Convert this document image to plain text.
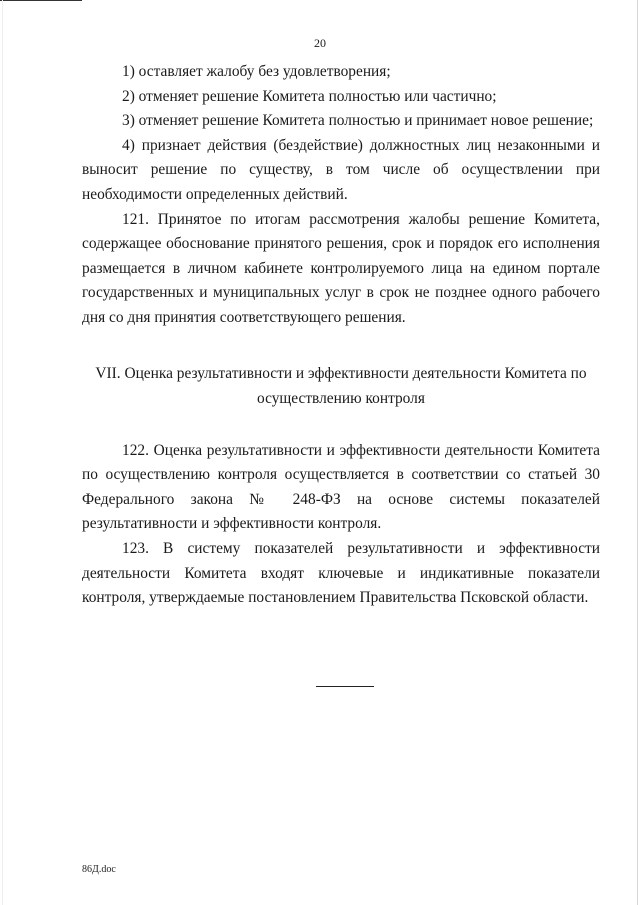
20

1) оставляет жалобу без удовлетворения;

2) отменяет решение Комитета полностью или частично;

3) отменяет решение Комитета полностью и принимает новое решение;

4) признает действия (бездействие) должностных лиц незаконными и выносит решение по существу, в том числе об осуществлении при необходимости определенных действий.

121. Принятое по итогам рассмотрения жалобы решение Комитета, содержащее обоснование принятого решения, срок и порядок его исполнения размещается в личном кабинете контролируемого лица на едином портале государственных и муниципальных услуг в срок не позднее одного рабочего дня со дня принятия соответствующего решения.

VII. Оценка результативности и эффективности деятельности Комитета по осуществлению контроля

122. Оценка результативности и эффективности деятельности Комитета по осуществлению контроля осуществляется в соответствии со статьей 30 Федерального закона № 248-ФЗ на основе системы показателей результативности и эффективности контроля.

123. В систему показателей результативности и эффективности деятельности Комитета входят ключевые и индикативные показатели контроля, утверждаемые постановлением Правительства Псковской области.

86Д.doc
